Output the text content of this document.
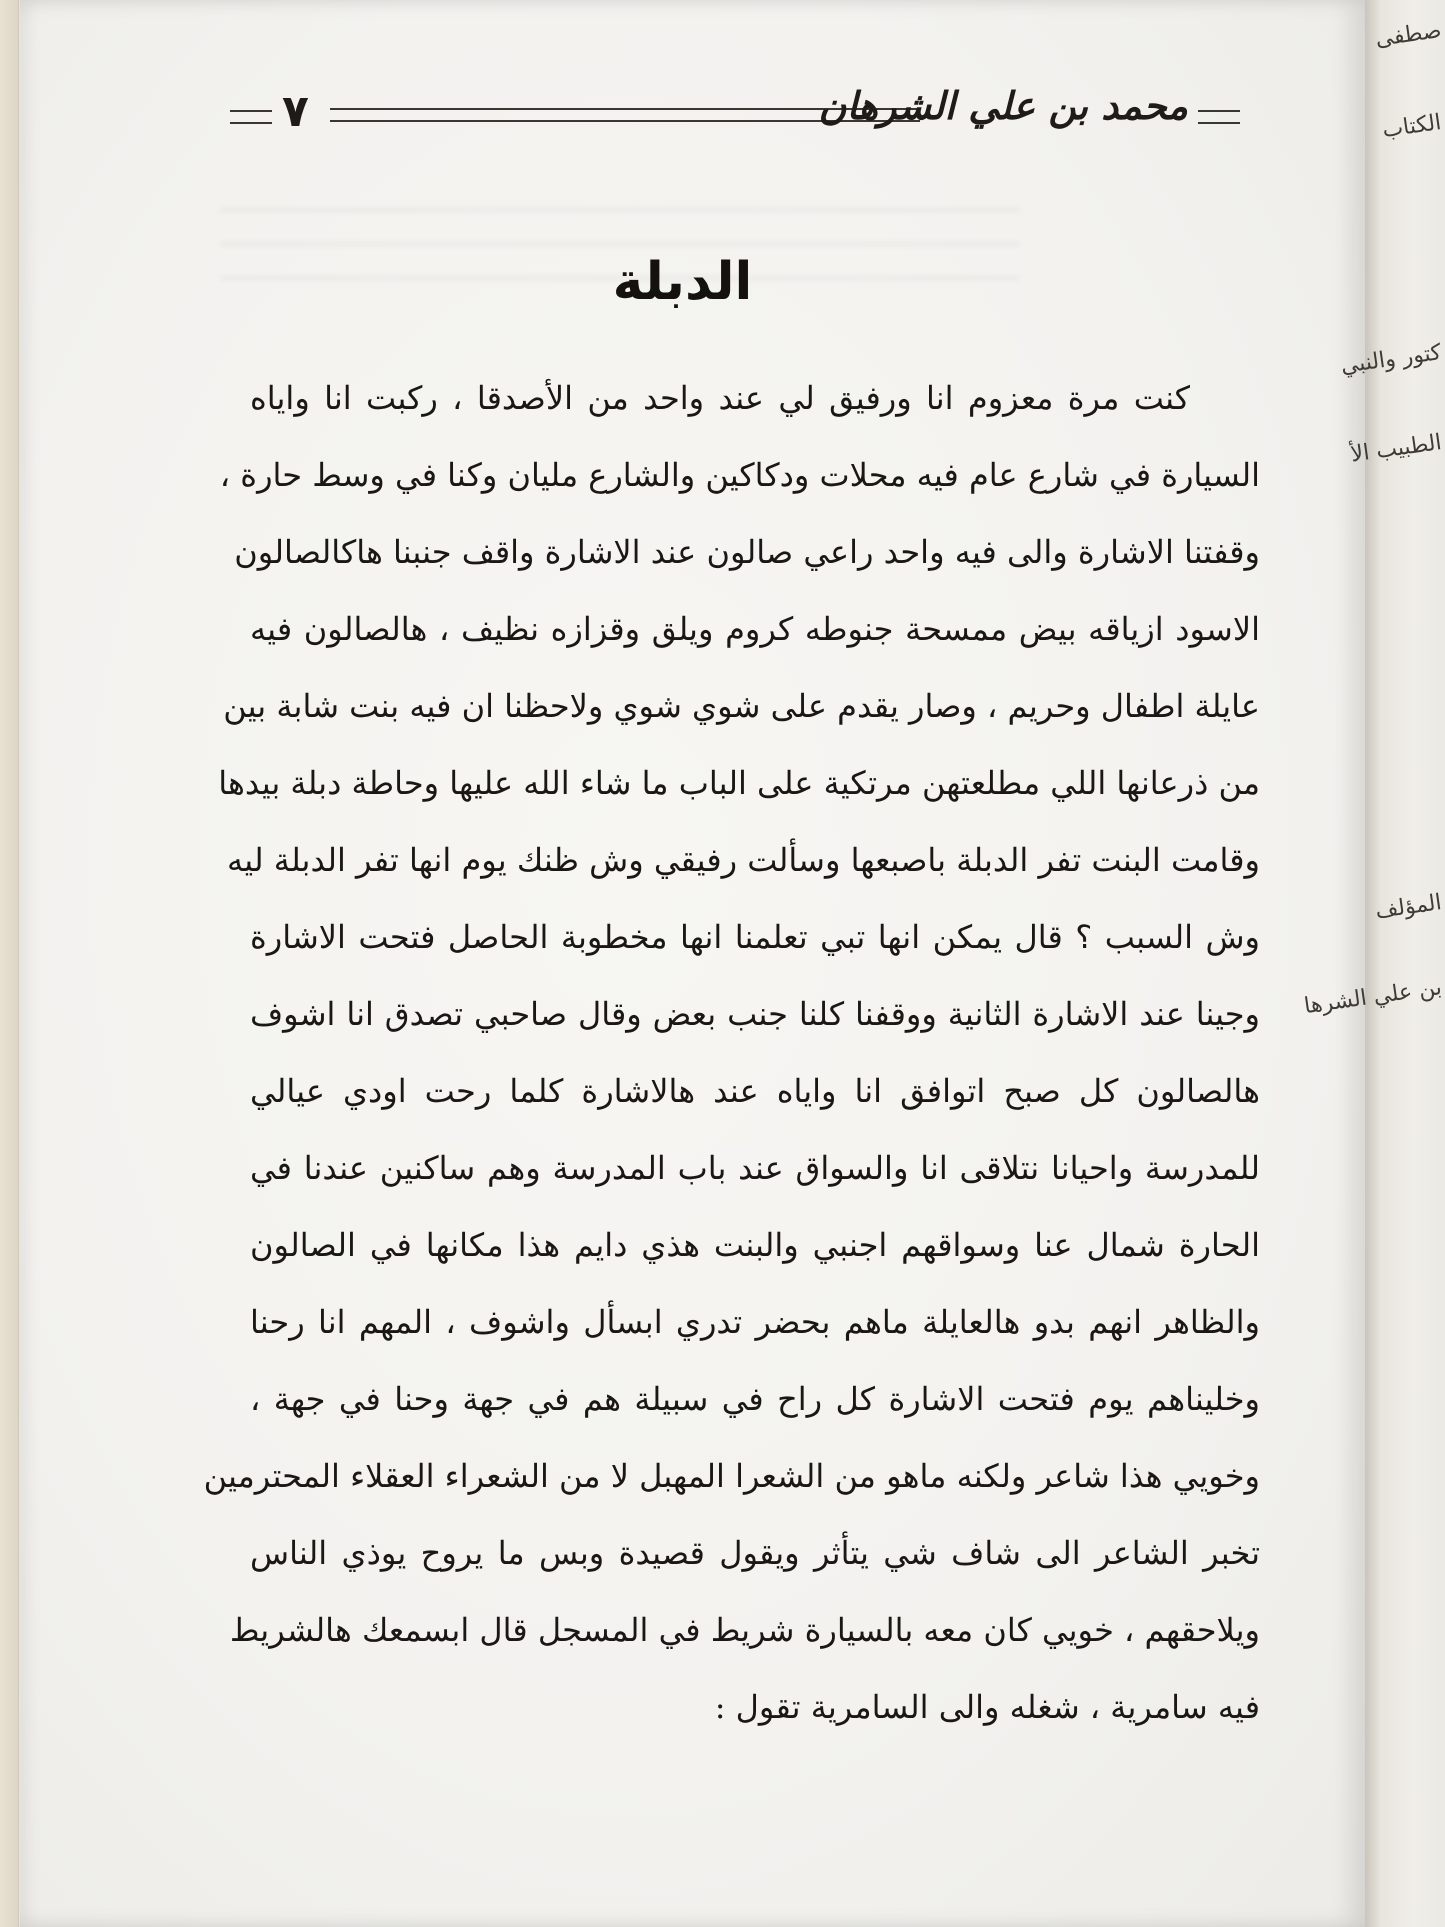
٧	محمد بن علي الشرهان
الدبلة
كنت مرة معزوم انا ورفيق لي عند واحد من الأصدقا ، ركبت انا واياه
السيارة في شارع عام فيه محلات ودكاكين والشارع مليان وكنا في وسط حارة ،
وقفتنا الاشارة والى فيه واحد راعي صالون عند الاشارة واقف جنبنا هاكالصالون
الاسود ازياقه بيض ممسحة جنوطه كروم ويلق وقزازه نظيف ، هالصالون فيه
عايلة اطفال وحريم ، وصار يقدم على شوي شوي ولاحظنا ان فيه بنت شابة بين
من ذرعانها اللي مطلعتهن مرتكية على الباب ما شاء الله عليها وحاطة دبلة بيدها
وقامت البنت تفر الدبلة باصبعها وسألت رفيقي وش ظنك يوم انها تفر الدبلة ليه
وش السبب ؟ قال يمكن انها تبي تعلمنا انها مخطوبة الحاصل فتحت الاشارة
وجينا عند الاشارة الثانية ووقفنا كلنا جنب بعض وقال صاحبي تصدق انا اشوف
هالصالون كل صبح اتوافق انا واياه عند هالاشارة كلما رحت اودي عيالي
للمدرسة واحيانا نتلاقى انا والسواق عند باب المدرسة وهم ساكنين عندنا في
الحارة شمال عنا وسواقهم اجنبي والبنت هذي دايم هذا مكانها في الصالون
والظاهر انهم بدو هالعايلة ماهم بحضر تدري ابسأل واشوف ، المهم انا رحنا
وخليناهم يوم فتحت الاشارة كل راح في سبيلة هم في جهة وحنا في جهة ،
وخويي هذا شاعر ولكنه ماهو من الشعرا المهبل لا من الشعراء العقلاء المحترمين
تخبر الشاعر الى شاف شي يتأثر ويقول قصيدة وبس ما يروح يوذي الناس
ويلاحقهم ، خويي كان معه بالسيارة شريط في المسجل قال ابسمعك هالشريط
فيه سامرية ، شغله والى السامرية تقول :
صطفى
الكتاب
كتور والنبي
الطبيب الأ
المؤلف
بن علي الشرها
